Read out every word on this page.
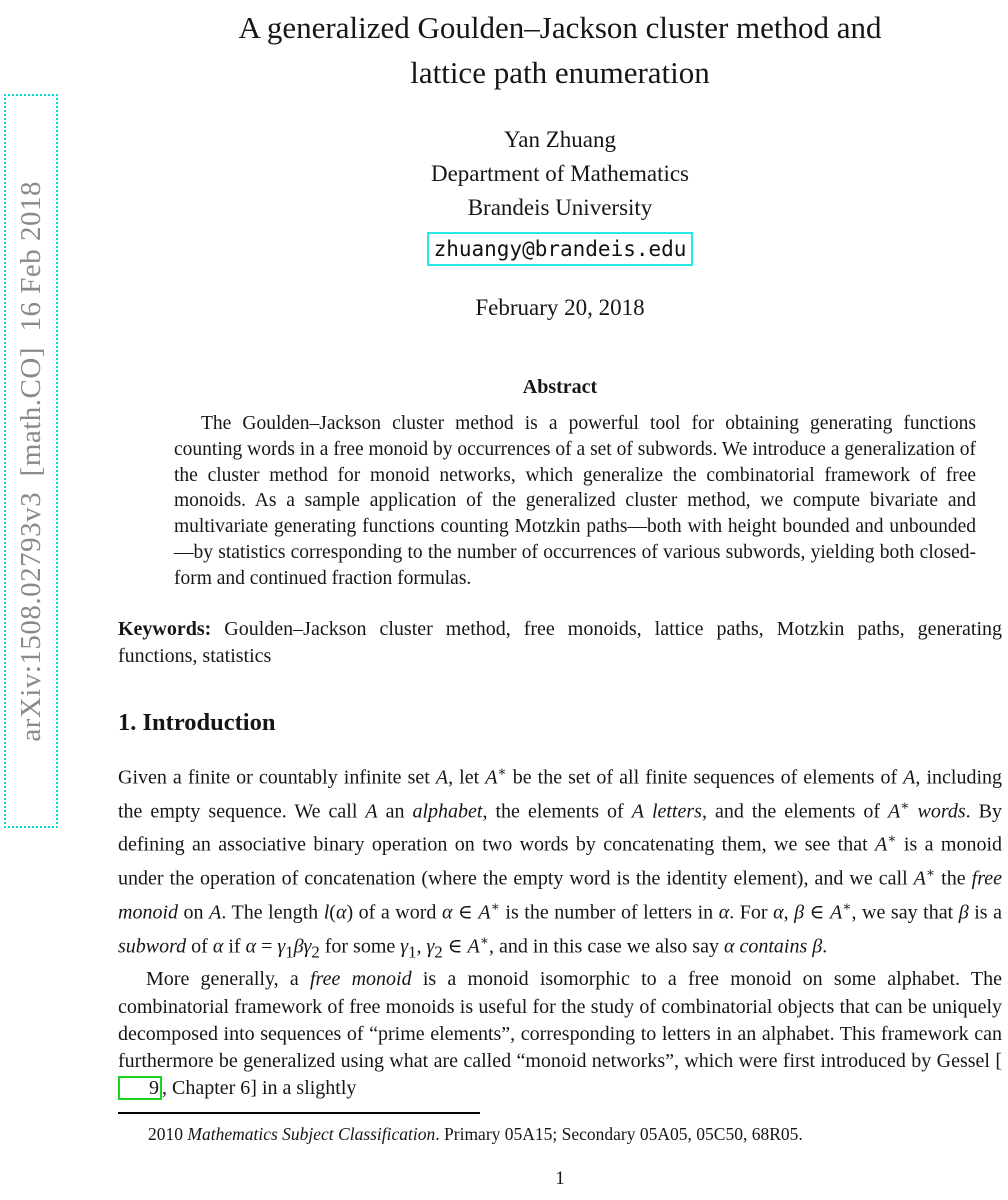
arXiv:1508.02793v3  [math.CO]  16 Feb 2018
A generalized Goulden–Jackson cluster method and
lattice path enumeration
Yan Zhuang
Department of Mathematics
Brandeis University
zhuangy@brandeis.edu
February 20, 2018
Abstract
The Goulden–Jackson cluster method is a powerful tool for obtaining generating functions counting words in a free monoid by occurrences of a set of subwords. We introduce a generalization of the cluster method for monoid networks, which generalize the combinatorial framework of free monoids. As a sample application of the generalized cluster method, we compute bivariate and multivariate generating functions counting Motzkin paths—both with height bounded and unbounded—by statistics corresponding to the number of occurrences of various subwords, yielding both closed-form and continued fraction formulas.
Keywords: Goulden–Jackson cluster method, free monoids, lattice paths, Motzkin paths, generating functions, statistics
1. Introduction
Given a finite or countably infinite set A, let A∗ be the set of all finite sequences of elements of A, including the empty sequence. We call A an alphabet, the elements of A letters, and the elements of A∗ words. By defining an associative binary operation on two words by concatenating them, we see that A∗ is a monoid under the operation of concatenation (where the empty word is the identity element), and we call A∗ the free monoid on A. The length l(α) of a word α ∈ A∗ is the number of letters in α. For α, β ∈ A∗, we say that β is a subword of α if $\alpha = \gamma_1\beta\gamma_2$ for some $\gamma_1$, $\gamma_2$ ∈ A∗, and in this case we also say α contains β.
More generally, a free monoid is a monoid isomorphic to a free monoid on some alphabet. The combinatorial framework of free monoids is useful for the study of combinatorial objects that can be uniquely decomposed into sequences of “prime elements”, corresponding to letters in an alphabet. This framework can furthermore be generalized using what are called “monoid networks”, which were first introduced by Gessel [9 , Chapter 6] in a slightly
2010 Mathematics Subject Classification. Primary 05A15; Secondary 05A05, 05C50, 68R05.
1
